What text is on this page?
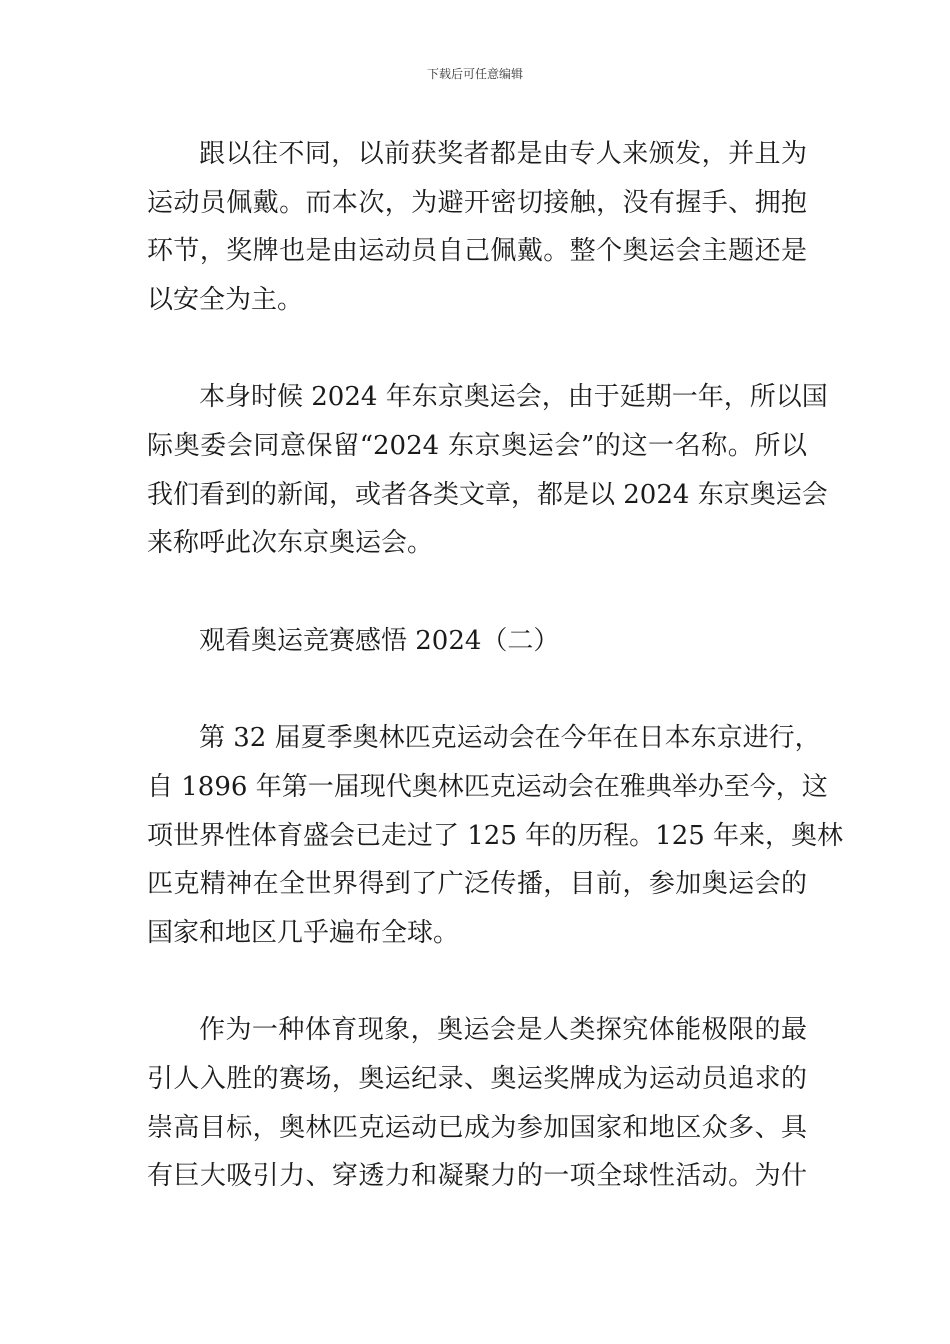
下载后可任意编辑

跟以往不同，以前获奖者都是由专人来颁发，并且为
运动员佩戴。而本次，为避开密切接触，没有握手、拥抱
环节，奖牌也是由运动员自己佩戴。整个奥运会主题还是
以安全为主。

本身时候 2024 年东京奥运会，由于延期一年，所以国
际奥委会同意保留“2024 东京奥运会”的这一名称。所以
我们看到的新闻，或者各类文章，都是以 2024 东京奥运会
来称呼此次东京奥运会。

观看奥运竞赛感悟 2024（二）

第 32 届夏季奥林匹克运动会在今年在日本东京进行，
自 1896 年第一届现代奥林匹克运动会在雅典举办至今，这
项世界性体育盛会已走过了 125 年的历程。125 年来，奥林
匹克精神在全世界得到了广泛传播，目前，参加奥运会的
国家和地区几乎遍布全球。

作为一种体育现象，奥运会是人类探究体能极限的最
引人入胜的赛场，奥运纪录、奥运奖牌成为运动员追求的
崇高目标，奥林匹克运动已成为参加国家和地区众多、具
有巨大吸引力、穿透力和凝聚力的一项全球性活动。为什
